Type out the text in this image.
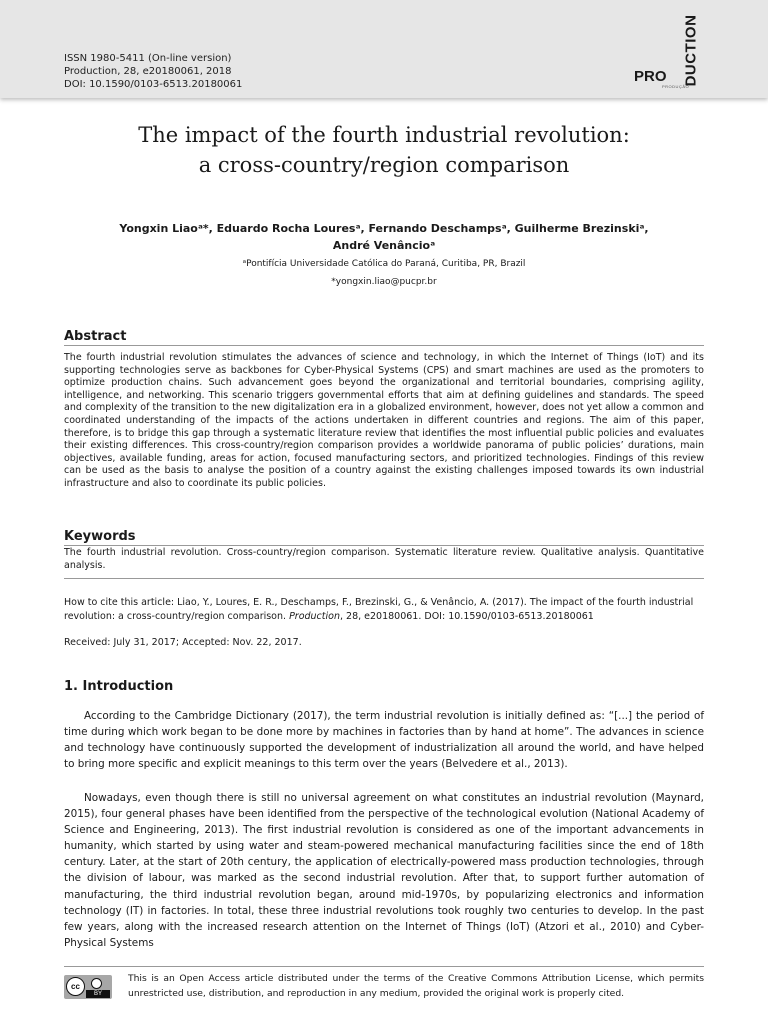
ISSN 1980-5411 (On-line version)
Production, 28, e20180061, 2018
DOI: 10.1590/0103-6513.20180061	DUCTION
PRO
PRODUÇÃO
The impact of the fourth industrial revolution:
a cross-country/region comparison
Yongxin Liaoᵃ*, Eduardo Rocha Louresᵃ, Fernando Deschampsᵃ, Guilherme Brezinskiᵃ,
André Venâncioᵃ
ᵃPontifícia Universidade Católica do Paraná, Curitiba, PR, Brazil
*yongxin.liao@pucpr.br
Abstract
The fourth industrial revolution stimulates the advances of science and technology, in which the Internet of Things (IoT) and its supporting technologies serve as backbones for Cyber-Physical Systems (CPS) and smart machines are used as the promoters to optimize production chains. Such advancement goes beyond the organizational and territorial boundaries, comprising agility, intelligence, and networking. This scenario triggers governmental efforts that aim at defining guidelines and standards. The speed and complexity of the transition to the new digitalization era in a globalized environment, however, does not yet allow a common and coordinated understanding of the impacts of the actions undertaken in different countries and regions. The aim of this paper, therefore, is to bridge this gap through a systematic literature review that identifies the most influential public policies and evaluates their existing differences. This cross-country/region comparison provides a worldwide panorama of public policies’ durations, main objectives, available funding, areas for action, focused manufacturing sectors, and prioritized technologies. Findings of this review can be used as the basis to analyse the position of a country against the existing challenges imposed towards its own industrial infrastructure and also to coordinate its public policies.
Keywords
The fourth industrial revolution. Cross-country/region comparison. Systematic literature review. Qualitative analysis. Quantitative analysis.
How to cite this article: Liao, Y., Loures, E. R., Deschamps, F., Brezinski, G., & Venâncio, A. (2017). The impact of the fourth industrial revolution: a cross-country/region comparison. Production, 28, e20180061. DOI: 10.1590/0103-6513.20180061
Received: July 31, 2017; Accepted: Nov. 22, 2017.
1. Introduction

According to the Cambridge Dictionary (2017), the term industrial revolution is initially defined as: “[...] the period of time during which work began to be done more by machines in factories than by hand at home”. The advances in science and technology have continuously supported the development of industrialization all around the world, and have helped to bring more specific and explicit meanings to this term over the years (Belvedere et al., 2013).

Nowadays, even though there is still no universal agreement on what constitutes an industrial revolution (Maynard, 2015), four general phases have been identified from the perspective of the technological evolution (National Academy of Science and Engineering, 2013). The first industrial revolution is considered as one of the important advancements in humanity, which started by using water and steam-powered mechanical manufacturing facilities since the end of 18th century. Later, at the start of 20th century, the application of electrically-powered mass production technologies, through the division of labour, was marked as the second industrial revolution. After that, to support further automation of manufacturing, the third industrial revolution began, around mid-1970s, by popularizing electronics and information technology (IT) in factories. In total, these three industrial revolutions took roughly two centuries to develop. In the past few years, along with the increased research attention on the Internet of Things (IoT) (Atzori et al., 2010) and Cyber-Physical Systems

cc
BY
This is an Open Access article distributed under the terms of the Creative Commons Attribution License, which permits unrestricted use, distribution, and reproduction in any medium, provided the original work is properly cited.
